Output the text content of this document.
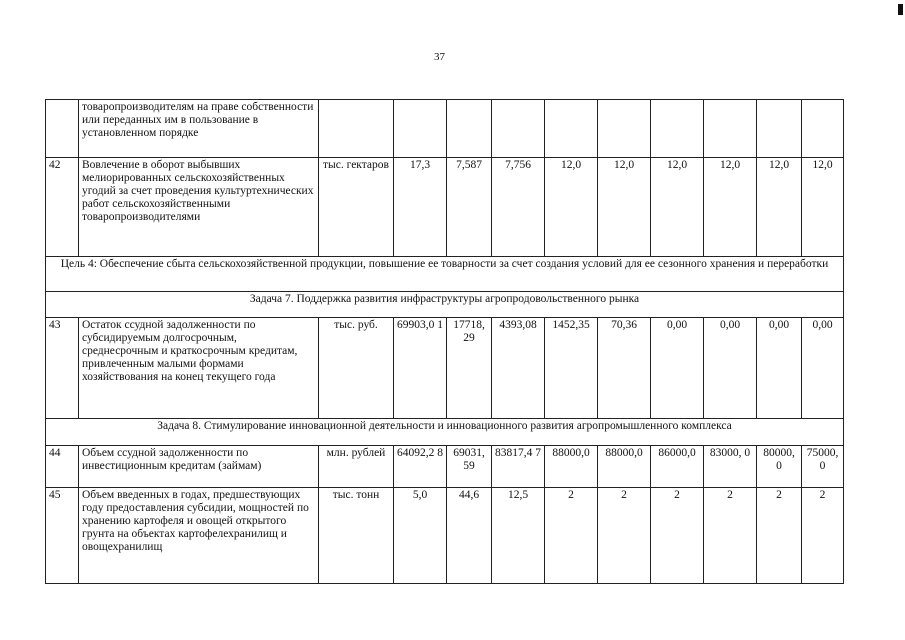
37
	товаропроизводителям на праве собственности или переданных им в пользование в установленном порядке										
42	Вовлечение в оборот выбывших мелиорированных сельскохозяйственных угодий за счет проведения культуртехнических работ сельскохозяйственными товаропроизводителями	тыс. гектаров	17,3	7,587	7,756	12,0	12,0	12,0	12,0	12,0	12,0
Цель 4: Обеспечение сбыта сельскохозяйственной продукции, повышение ее товарности за счет создания условий для ее сезонного хранения и переработки											
Задача 7. Поддержка развития инфраструктуры агропродовольственного рынка											
43	Остаток ссудной задолженности по субсидируемым долгосрочным, среднесрочным и краткосрочным кредитам, привлеченным малыми формами хозяйствования на конец текущего года	тыс. руб.	69903,0 1	17718, 29	4393,08	1452,35	70,36	0,00	0,00	0,00	0,00
Задача 8. Стимулирование инновационной деятельности и инновационного развития агропромышленного комплекса											
44	Объем ссудной задолженности по инвестиционным кредитам (займам)	млн. рублей	64092,2 8	69031, 59	83817,4 7	88000,0	88000,0	86000,0	83000, 0	80000, 0	75000, 0
45	Объем введенных в годах, предшествующих году предоставления субсидии, мощностей по хранению картофеля и овощей открытого грунта на объектах картофелехранилищ и овощехранилищ	тыс. тонн	5,0	44,6	12,5	2	2	2	2	2	2
